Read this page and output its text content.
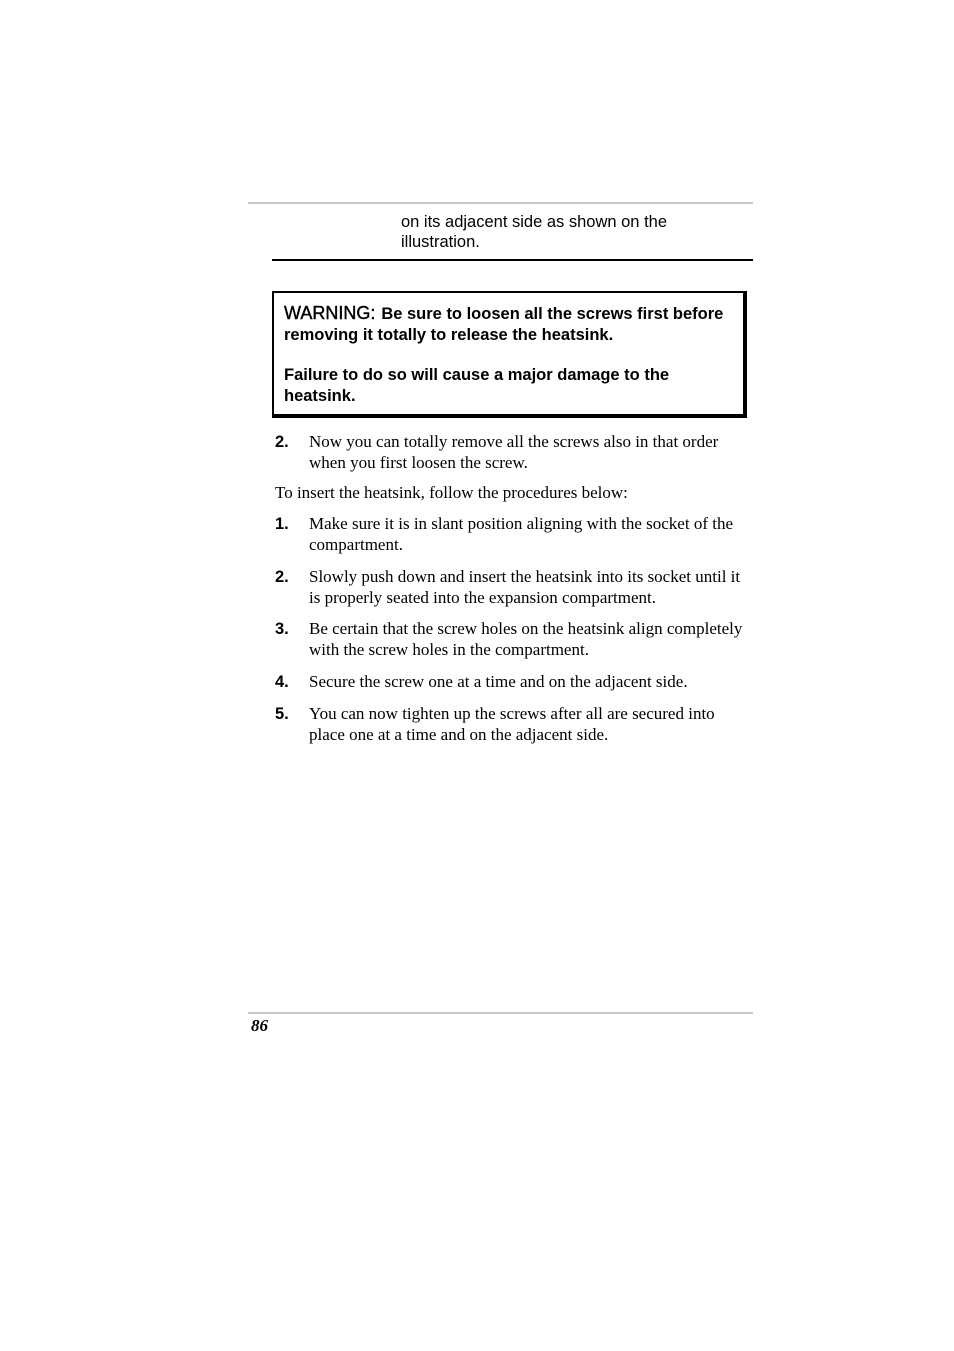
on its adjacent side as shown on the illustration.

WARNING: Be sure to loosen all the screws first before removing it totally to release the heatsink.

Failure to do so will cause a major damage to the heatsink.

2. Now you can totally remove all the screws also in that order when you first loosen the screw.
To insert the heatsink, follow the procedures below:
1. Make sure it is in slant position aligning with the socket of the compartment.
2. Slowly push down and insert the heatsink into its socket until it is properly seated into the expansion compartment.
3. Be certain that the screw holes on the heatsink align completely with the screw holes in the compartment.
4. Secure the screw one at a time and on the adjacent side.
5. You can now tighten up the screws after all are secured into place one at a time and on the adjacent side.
86
